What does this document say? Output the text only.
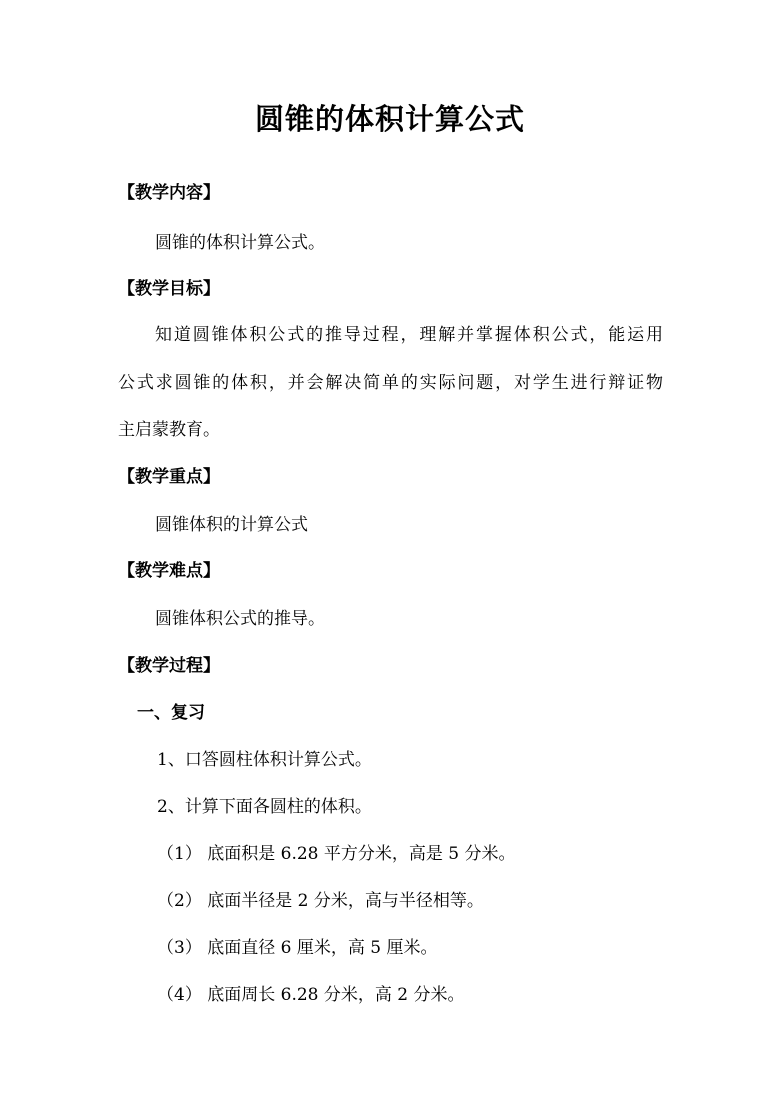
圆锥的体积计算公式
【教学内容】
圆锥的体积计算公式。
【教学目标】
知道圆锥体积公式的推导过程，理解并掌握体积公式，能运用
公式求圆锥的体积，并会解决简单的实际问题，对学生进行辩证物
主启蒙教育。
【教学重点】
圆锥体积的计算公式
【教学难点】
圆锥体积公式的推导。
【教学过程】
一、复习
1、口答圆柱体积计算公式。
2、计算下面各圆柱的体积。
（1） 底面积是 6.28 平方分米，高是 5 分米。
（2） 底面半径是 2 分米，高与半径相等。
（3） 底面直径 6 厘米，高 5 厘米。
（4） 底面周长 6.28 分米，高 2 分米。
